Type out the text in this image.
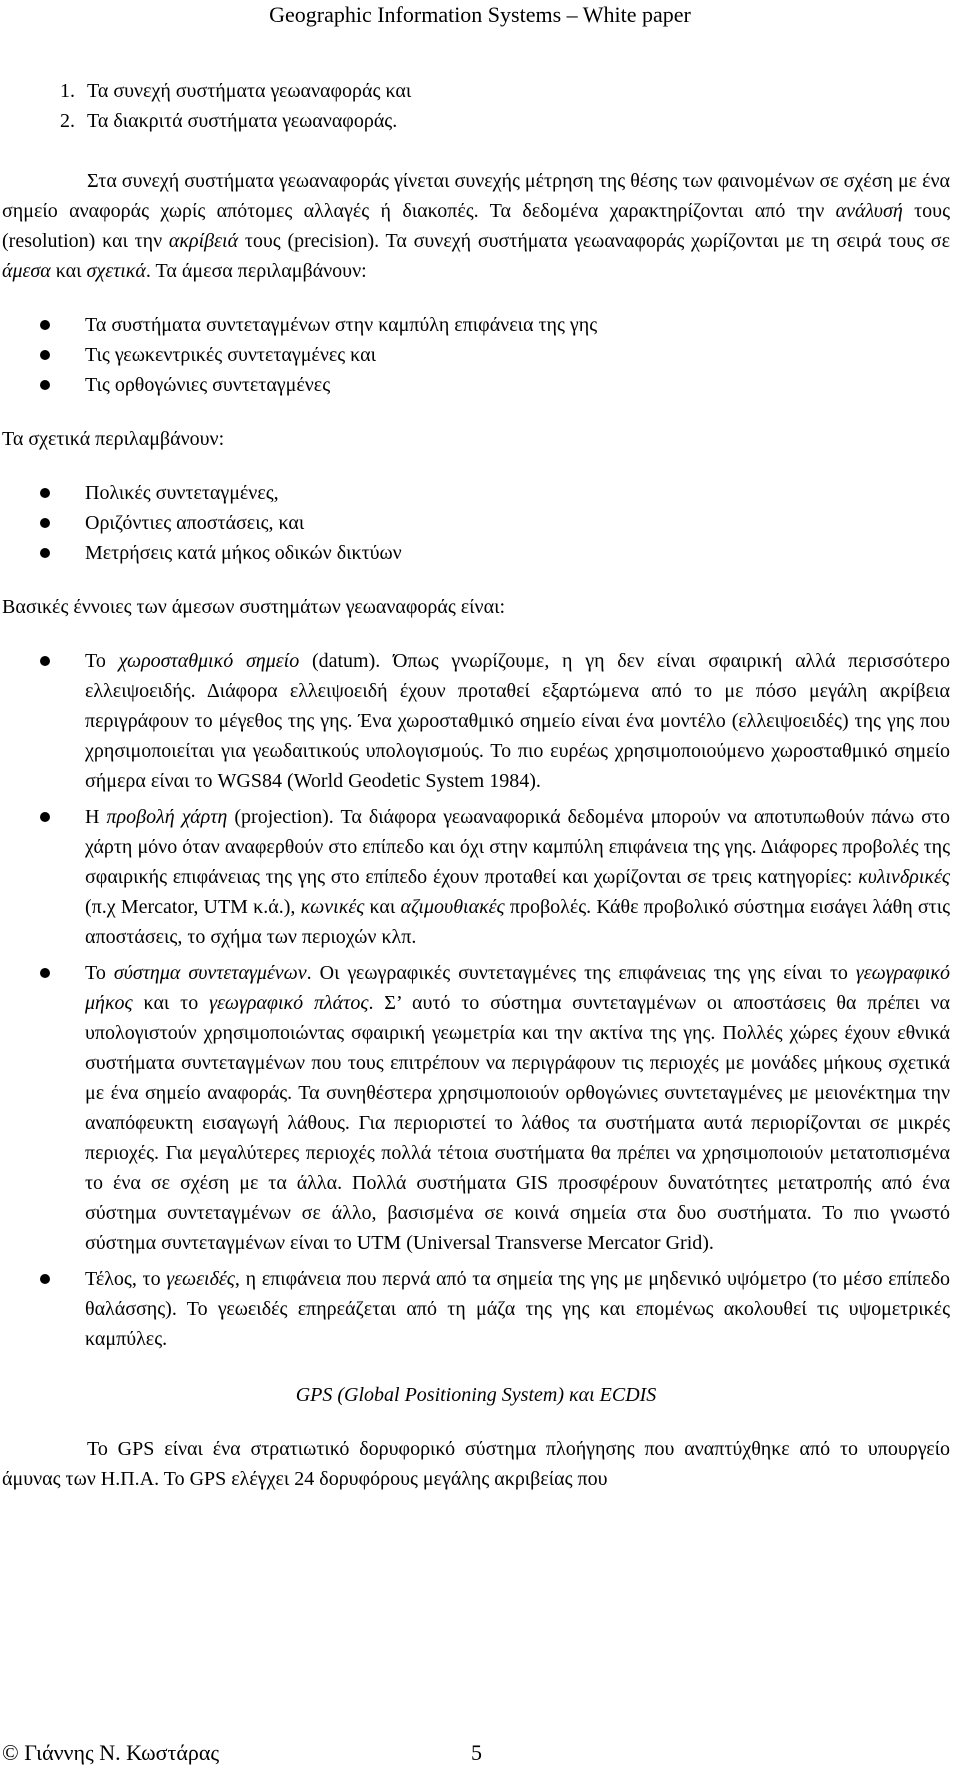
Geographic Information Systems – White paper
1. Τα συνεχή συστήματα γεωαναφοράς και
2. Τα διακριτά συστήματα γεωαναφοράς.

Στα συνεχή συστήματα γεωαναφοράς γίνεται συνεχής μέτρηση της θέσης των φαινομένων σε σχέση με ένα σημείο αναφοράς χωρίς απότομες αλλαγές ή διακοπές. Τα δεδομένα χαρακτηρίζονται από την ανάλυσή τους (resolution) και την ακρίβειά τους (precision). Τα συνεχή συστήματα γεωαναφοράς χωρίζονται με τη σειρά τους σε άμεσα και σχετικά. Τα άμεσα περιλαμβάνουν:

Τα συστήματα συντεταγμένων στην καμπύλη επιφάνεια της γης
Τις γεωκεντρικές συντεταγμένες και
Τις ορθογώνιες συντεταγμένες

Τα σχετικά περιλαμβάνουν:

Πολικές συντεταγμένες,
Οριζόντιες αποστάσεις, και
Μετρήσεις κατά μήκος οδικών δικτύων

Βασικές έννοιες των άμεσων συστημάτων γεωαναφοράς είναι:

Το χωροσταθμικό σημείο (datum). Όπως γνωρίζουμε, η γη δεν είναι σφαιρική αλλά περισσότερο ελλειψοειδής. Διάφορα ελλειψοειδή έχουν προταθεί εξαρτώμενα από το με πόσο μεγάλη ακρίβεια περιγράφουν το μέγεθος της γης. Ένα χωροσταθμικό σημείο είναι ένα μοντέλο (ελλειψοειδές) της γης που χρησιμοποιείται για γεωδαιτικούς υπολογισμούς. Το πιο ευρέως χρησιμοποιούμενο χωροσταθμικό σημείο σήμερα είναι το WGS84 (World Geodetic System 1984).
Η προβολή χάρτη (projection). Τα διάφορα γεωαναφορικά δεδομένα μπορούν να αποτυπωθούν πάνω στο χάρτη μόνο όταν αναφερθούν στο επίπεδο και όχι στην καμπύλη επιφάνεια της γης. Διάφορες προβολές της σφαιρικής επιφάνειας της γης στο επίπεδο έχουν προταθεί και χωρίζονται σε τρεις κατηγορίες: κυλινδρικές (π.χ Mercator, UTM κ.ά.), κωνικές και αζιμουθιακές προβολές. Κάθε προβολικό σύστημα εισάγει λάθη στις αποστάσεις, το σχήμα των περιοχών κλπ.
Το σύστημα συντεταγμένων. Οι γεωγραφικές συντεταγμένες της επιφάνειας της γης είναι το γεωγραφικό μήκος και το γεωγραφικό πλάτος. Σ’ αυτό το σύστημα συντεταγμένων οι αποστάσεις θα πρέπει να υπολογιστούν χρησιμοποιώντας σφαιρική γεωμετρία και την ακτίνα της γης. Πολλές χώρες έχουν εθνικά συστήματα συντεταγμένων που τους επιτρέπουν να περιγράφουν τις περιοχές με μονάδες μήκους σχετικά με ένα σημείο αναφοράς. Τα συνηθέστερα χρησιμοποιούν ορθογώνιες συντεταγμένες με μειονέκτημα την αναπόφευκτη εισαγωγή λάθους. Για περιοριστεί το λάθος τα συστήματα αυτά περιορίζονται σε μικρές περιοχές. Για μεγαλύτερες περιοχές πολλά τέτοια συστήματα θα πρέπει να χρησιμοποιούν μετατοπισμένα το ένα σε σχέση με τα άλλα. Πολλά συστήματα GIS προσφέρουν δυνατότητες μετατροπής από ένα σύστημα συντεταγμένων σε άλλο, βασισμένα σε κοινά σημεία στα δυο συστήματα. Το πιο γνωστό σύστημα συντεταγμένων είναι το UTM (Universal Transverse Mercator Grid).
Τέλος, το γεωειδές, η επιφάνεια που περνά από τα σημεία της γης με μηδενικό υψόμετρο (το μέσο επίπεδο θαλάσσης). Το γεωειδές επηρεάζεται από τη μάζα της γης και επομένως ακολουθεί τις υψομετρικές καμπύλες.

GPS (Global Positioning System) και ECDIS

Το GPS είναι ένα στρατιωτικό δορυφορικό σύστημα πλοήγησης που αναπτύχθηκε από το υπουργείο άμυνας των Η.Π.Α. Το GPS ελέγχει 24 δορυφόρους μεγάλης ακριβείας που

© Γιάννης Ν. Κωστάρας	5
